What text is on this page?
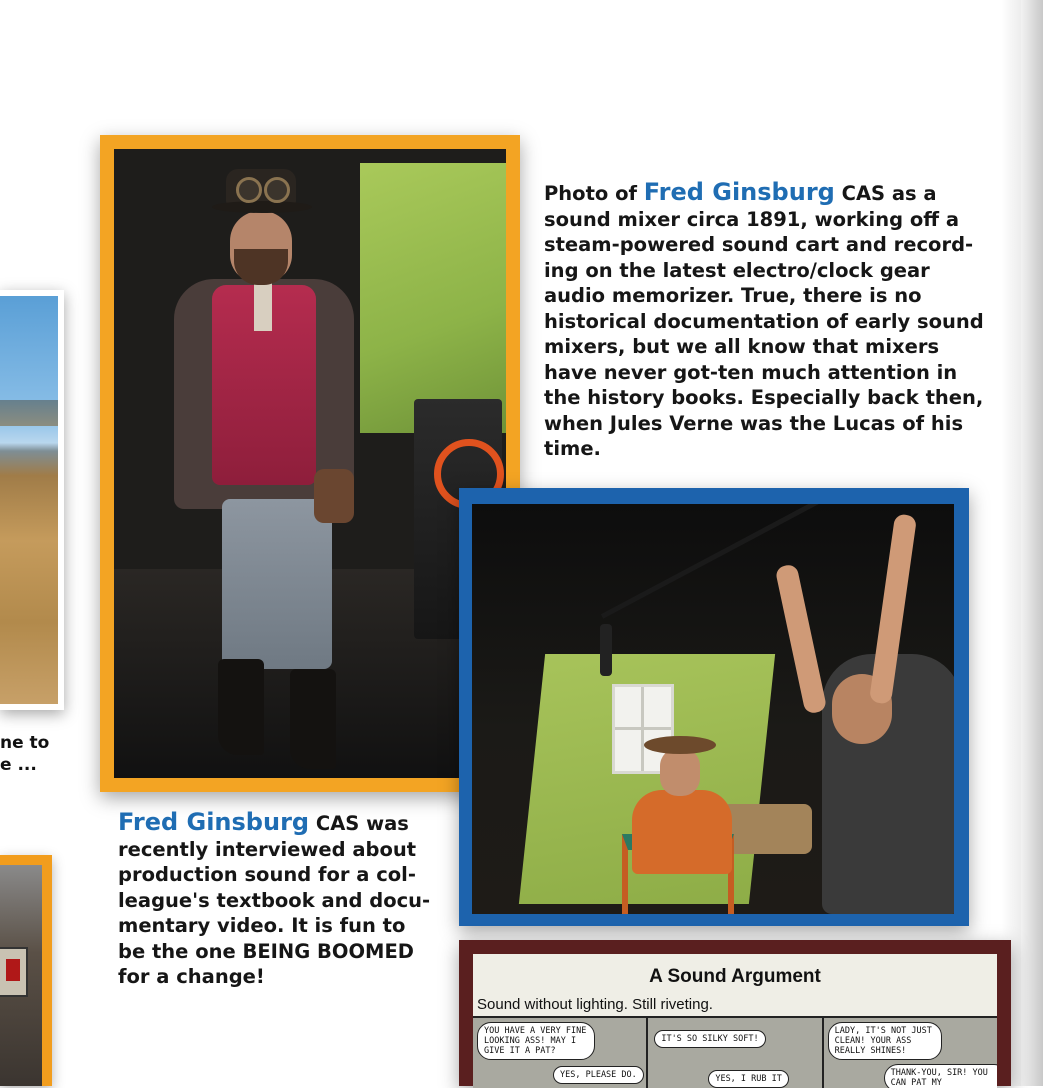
ne to
e ...
Photo of Fred Ginsburg CAS as a sound mixer circa 1891, working off a steam-powered sound cart and record-ing on the latest electro/clock gear audio memorizer. True, there is no historical documentation of early sound mixers, but we all know that mixers have never got-ten much attention in the history books. Especially back then, when Jules Verne was the Lucas of his time.
Fred Ginsburg CAS was recently interviewed about production sound for a col-league's textbook and docu-mentary video. It is fun to be the one BEING BOOMED for a change!	A Sound Argument
Sound without lighting. Still riveting.
YOU HAVE A VERY FINE LOOKING ASS! MAY I GIVE IT A PAT?
YES, PLEASE DO.
IT'S SO SILKY SOFT!
YES, I RUB IT
LADY, IT'S NOT JUST CLEAN! YOUR ASS REALLY SHINES!
THANK-YOU, SIR! YOU CAN PAT MY
